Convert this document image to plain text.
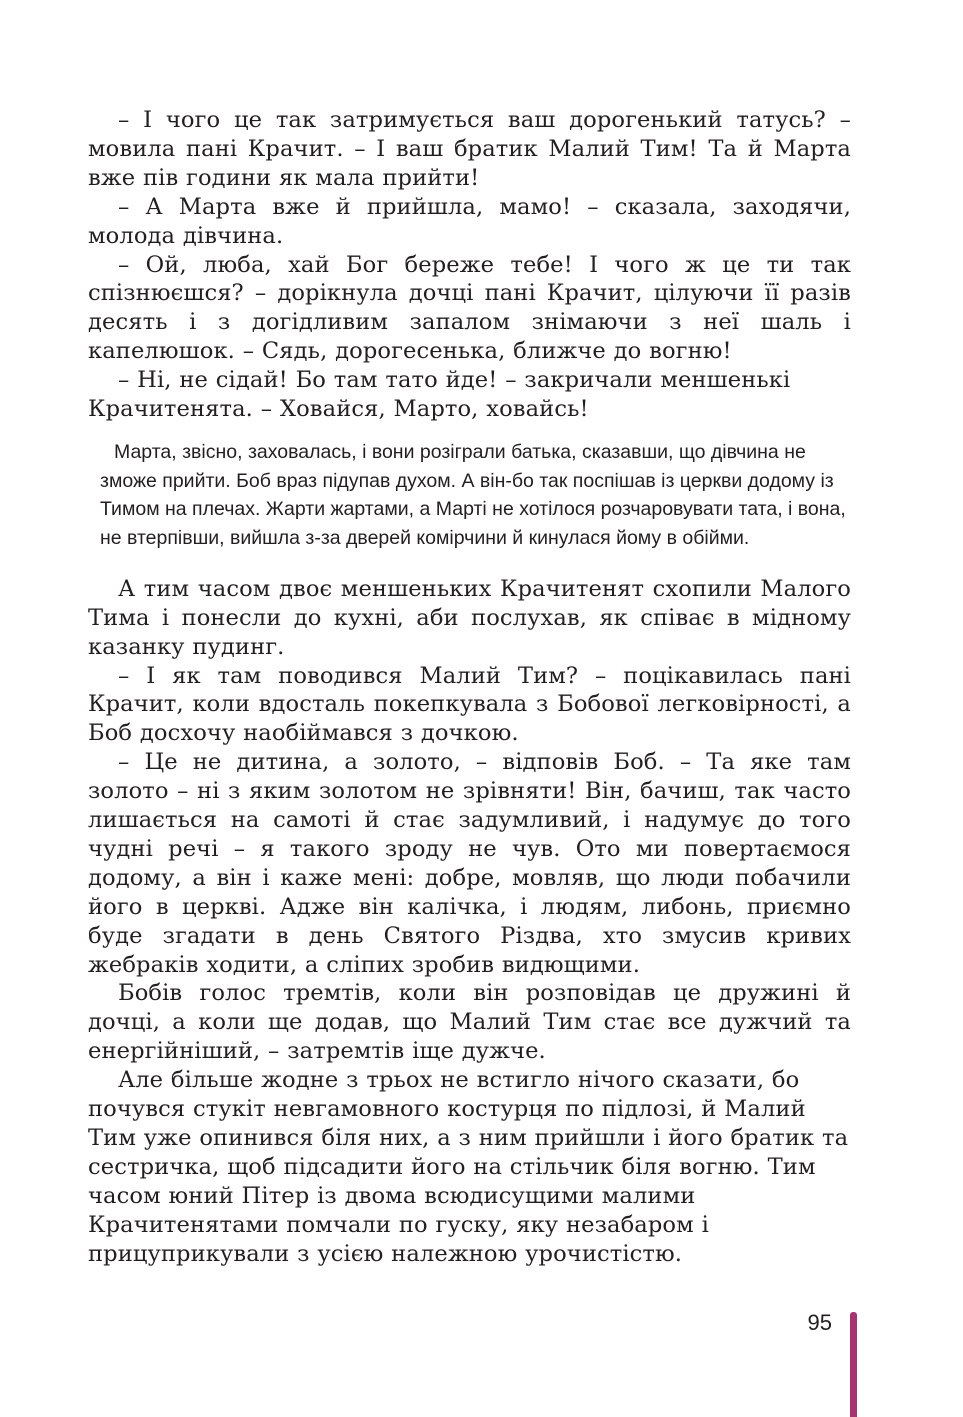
– І чого це так затримується ваш дорогенький татусь? – мовила пані Крачит. – І ваш братик Малий Тим! Та й Марта вже пів години як мала прийти!

– А Марта вже й прийшла, мамо! – сказала, заходячи, молода дівчина.

– Ой, люба, хай Бог береже тебе! І чого ж це ти так спізнюєшся? – дорікнула дочці пані Крачит, цілуючи її разів десять і з догідливим запалом знімаючи з неї шаль і капелюшок. – Сядь, дорогесенька, ближче до вогню!

– Ні, не сідай! Бо там тато йде! – закричали меншенькі Крачитенята. – Ховайся, Марто, ховайсь!

Марта, звісно, заховалась, і вони розіграли батька, сказавши, що дівчина не зможе прийти. Боб враз підупав духом. А він-бо так поспішав із церкви додому із Тимом на плечах. Жарти жартами, а Марті не хотілося розчаровувати тата, і вона, не втерпівши, вийшла з-за дверей комірчини й кинулася йому в обійми.

А тим часом двоє меншеньких Крачитенят схопили Малого Тима і понесли до кухні, аби послухав, як співає в мідному казанку пудинг.

– І як там поводився Малий Тим? – поцікавилась пані Крачит, коли вдосталь покепкувала з Бобової легковірності, а Боб досхочу наобіймався з дочкою.

– Це не дитина, а золото, – відповів Боб. – Та яке там золото – ні з яким золотом не зрівняти! Він, бачиш, так часто лишається на самоті й стає задумливий, і надумує до того чудні речі – я такого зроду не чув. Ото ми повертаємося додому, а він і каже мені: добре, мовляв, що люди побачили його в церкві. Адже він калічка, і людям, либонь, приємно буде згадати в день Святого Різдва, хто змусив кривих жебраків ходити, а сліпих зробив видющими.

Бобів голос тремтів, коли він розповідав це дружині й дочці, а коли ще додав, що Малий Тим стає все дужчий та енергійніший, – затремтів іще дужче.

Але більше жодне з трьох не встигло нічого сказати, бо почувся стукіт невгамовного костурця по підлозі, й Малий Тим уже опинився біля них, а з ним прийшли і його братик та сестричка, щоб підсадити його на стільчик біля вогню. Тим часом юний Пітер із двома всюдисущими малими Крачитенятами помчали по гуску, яку незабаром і прицуприкували з усією належною урочистістю.

95
